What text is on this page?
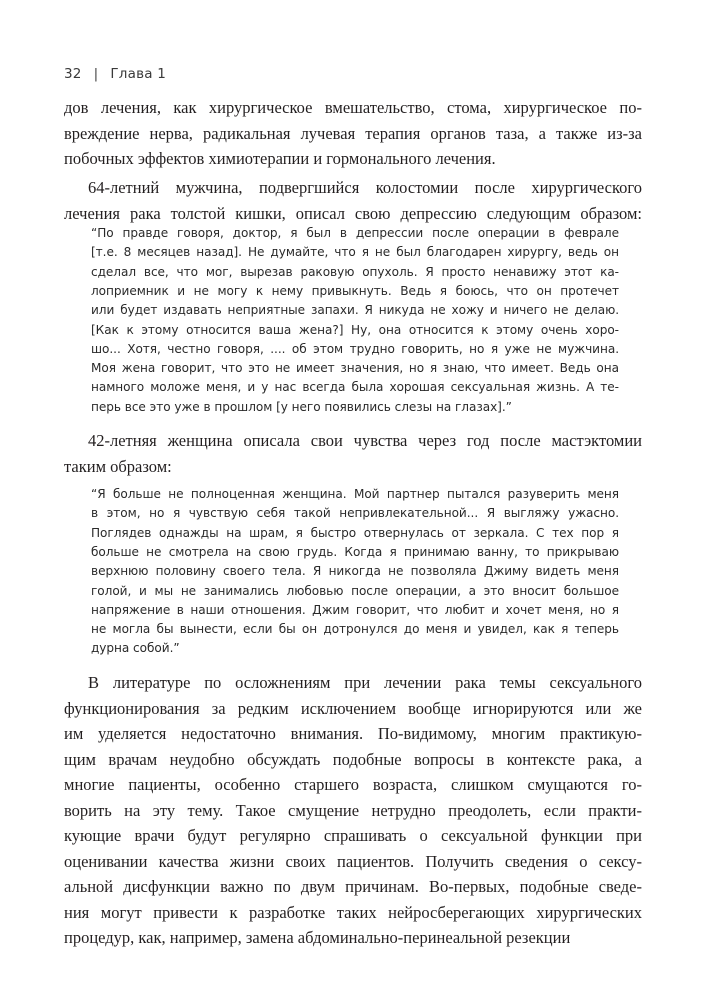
32 | Глава 1
дов лечения, как хирургическое вмешательство, стома, хирургическое по-
вреждение нерва, радикальная лучевая терапия органов таза, а также из-за
побочных эффектов химиотерапии и гормонального лечения.
64-летний мужчина, подвергшийся колостомии после хирургического
лечения рака толстой кишки, описал свою депрессию следующим образом:
“По правде говоря, доктор, я был в депрессии после операции в феврале
[т.е. 8 месяцев назад]. Не думайте, что я не был благодарен хирургу, ведь он
сделал все, что мог, вырезав раковую опухоль. Я просто ненавижу этот ка-
лоприемник и не могу к нему привыкнуть. Ведь я боюсь, что он протечет
или будет издавать неприятные запахи. Я никуда не хожу и ничего не делаю.
[Как к этому относится ваша жена?] Ну, она относится к этому очень хоро-
шо... Хотя, честно говоря, .... об этом трудно говорить, но я уже не мужчина.
Моя жена говорит, что это не имеет значения, но я знаю, что имеет. Ведь она
намного моложе меня, и у нас всегда была хорошая сексуальная жизнь. А те-
перь все это уже в прошлом [у него появились слезы на глазах].”
42-летняя женщина описала свои чувства через год после мастэктомии
таким образом:
“Я больше не полноценная женщина. Мой партнер пытался разуверить меня
в этом, но я чувствую себя такой непривлекательной... Я выгляжу ужасно.
Поглядев однажды на шрам, я быстро отвернулась от зеркала. С тех пор я
больше не смотрела на свою грудь. Когда я принимаю ванну, то прикрываю
верхнюю половину своего тела. Я никогда не позволяла Джиму видеть меня
голой, и мы не занимались любовью после операции, а это вносит большое
напряжение в наши отношения. Джим говорит, что любит и хочет меня, но я
не могла бы вынести, если бы он дотронулся до меня и увидел, как я теперь
дурна собой.”
В литературе по осложнениям при лечении рака темы сексуального
функционирования за редким исключением вообще игнорируются или же
им уделяется недостаточно внимания. По-видимому, многим практикую-
щим врачам неудобно обсуждать подобные вопросы в контексте рака, а
многие пациенты, особенно старшего возраста, слишком смущаются го-
ворить на эту тему. Такое смущение нетрудно преодолеть, если практи-
кующие врачи будут регулярно спрашивать о сексуальной функции при
оценивании качества жизни своих пациентов. Получить сведения о сексу-
альной дисфункции важно по двум причинам. Во-первых, подобные сведе-
ния могут привести к разработке таких нейросберегающих хирургических
процедур, как, например, замена абдоминально-перинеальной резекции
